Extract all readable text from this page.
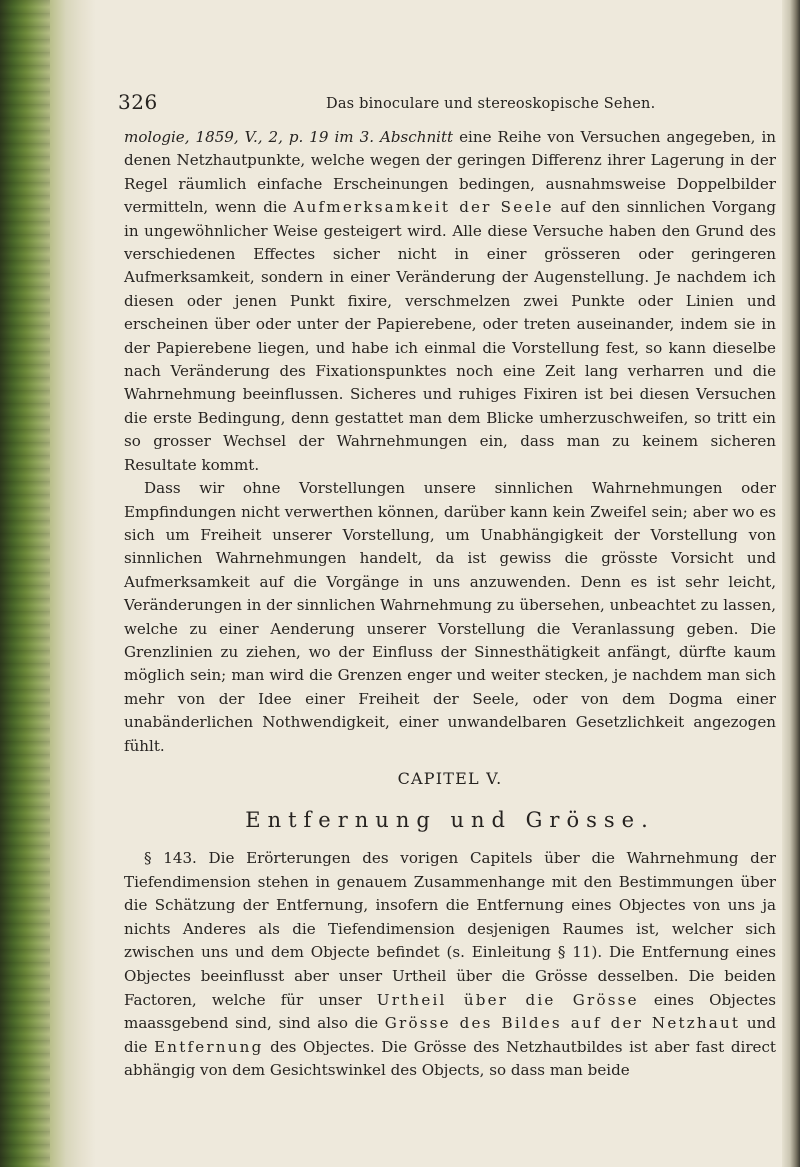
326	Das binoculare und stereoskopische Sehen.

mologie, 1859, V., 2, p. 19 im 3. Abschnitt eine Reihe von Versuchen angegeben, in denen Netzhautpunkte, welche wegen der geringen Differenz ihrer Lagerung in der Regel räumlich einfache Erscheinungen bedingen, ausnahmsweise Doppelbilder vermitteln, wenn die Aufmerksamkeit der Seele auf den sinnlichen Vorgang in ungewöhnlicher Weise gesteigert wird. Alle diese Versuche haben den Grund des verschiedenen Effectes sicher nicht in einer grösseren oder geringeren Aufmerksamkeit, sondern in einer Veränderung der Augenstellung. Je nachdem ich diesen oder jenen Punkt fixire, verschmelzen zwei Punkte oder Linien und erscheinen über oder unter der Papierebene, oder treten auseinander, indem sie in der Papierebene liegen, und habe ich einmal die Vorstellung fest, so kann dieselbe nach Veränderung des Fixationspunktes noch eine Zeit lang verharren und die Wahrnehmung beeinflussen. Sicheres und ruhiges Fixiren ist bei diesen Versuchen die erste Bedingung, denn gestattet man dem Blicke umherzuschweifen, so tritt ein so grosser Wechsel der Wahrnehmungen ein, dass man zu keinem sicheren Resultate kommt.

Dass wir ohne Vorstellungen unsere sinnlichen Wahrnehmungen oder Empfindungen nicht verwerthen können, darüber kann kein Zweifel sein; aber wo es sich um Freiheit unserer Vorstellung, um Unabhängigkeit der Vorstellung von sinnlichen Wahrnehmungen handelt, da ist gewiss die grösste Vorsicht und Aufmerksamkeit auf die Vorgänge in uns anzuwenden. Denn es ist sehr leicht, Veränderungen in der sinnlichen Wahrnehmung zu übersehen, unbeachtet zu lassen, welche zu einer Aenderung unserer Vorstellung die Veranlassung geben. Die Grenzlinien zu ziehen, wo der Einfluss der Sinnesthätigkeit anfängt, dürfte kaum möglich sein; man wird die Grenzen enger und weiter stecken, je nachdem man sich mehr von der Idee einer Freiheit der Seele, oder von dem Dogma einer unabänderlichen Nothwendigkeit, einer unwandelbaren Gesetzlichkeit angezogen fühlt.

CAPITEL V.
Entfernung und Grösse.

§ 143. Die Erörterungen des vorigen Capitels über die Wahrnehmung der Tiefendimension stehen in genauem Zusammenhange mit den Bestimmungen über die Schätzung der Entfernung, insofern die Entfernung eines Objectes von uns ja nichts Anderes als die Tiefendimension desjenigen Raumes ist, welcher sich zwischen uns und dem Objecte befindet (s. Einleitung § 11). Die Entfernung eines Objectes beeinflusst aber unser Urtheil über die Grösse desselben. Die beiden Factoren, welche für unser Urtheil über die Grösse eines Objectes maassgebend sind, sind also die Grösse des Bildes auf der Netzhaut und die Entfernung des Objectes. Die Grösse des Netzhautbildes ist aber fast direct abhängig von dem Gesichtswinkel des Objects, so dass man beide
